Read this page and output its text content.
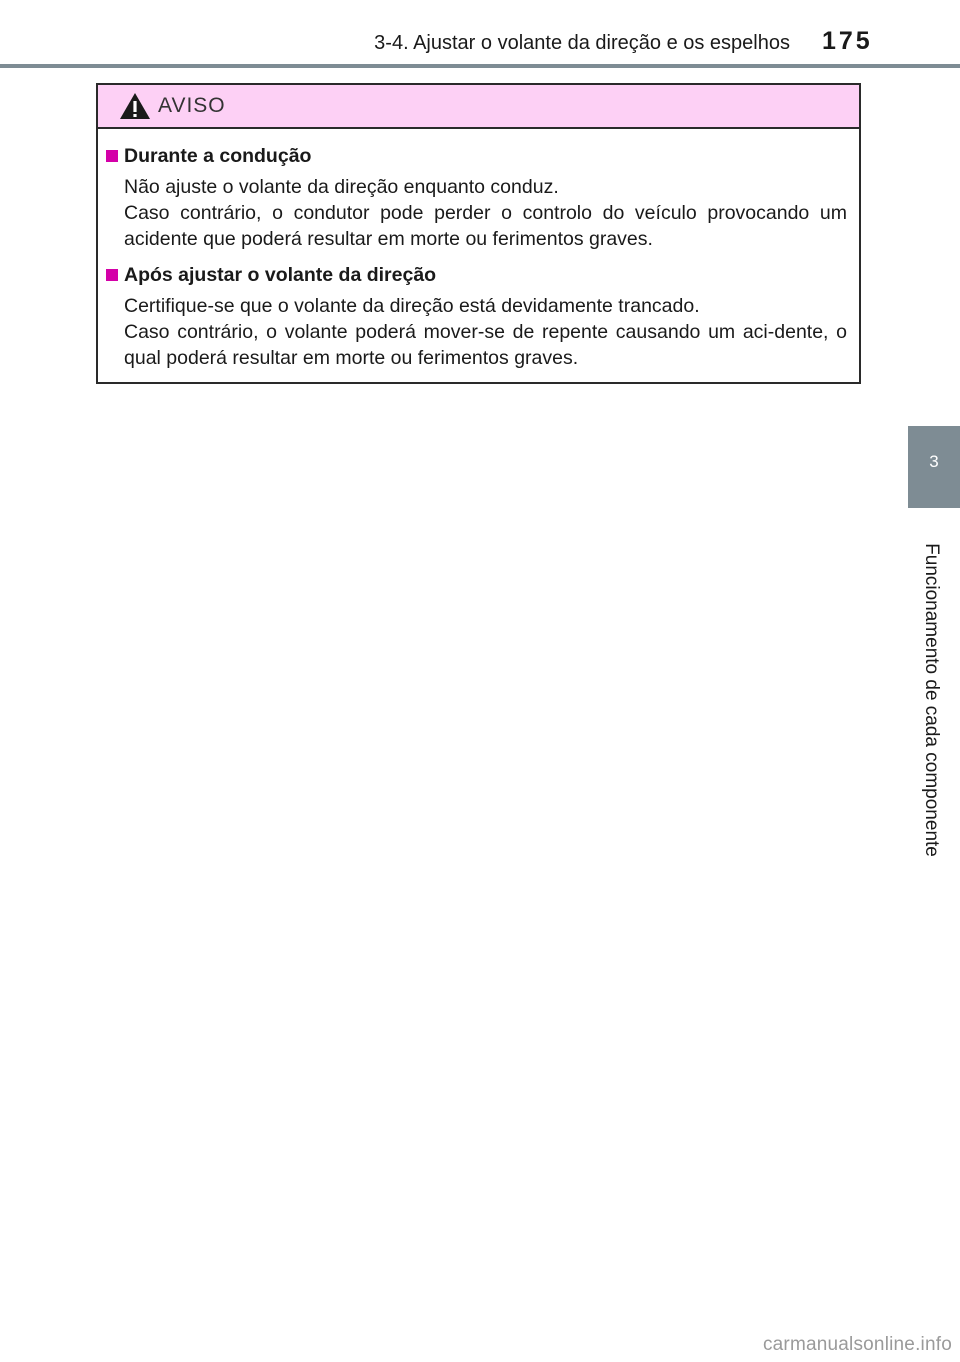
3-4. Ajustar o volante da direção e os espelhos 175
AVISO
Durante a condução

Não ajuste o volante da direção enquanto conduz.

Caso contrário, o condutor pode perder o controlo do veículo provocando um acidente que poderá resultar em morte ou ferimentos graves.

Após ajustar o volante da direção

Certifique-se que o volante da direção está devidamente trancado.

Caso contrário, o volante poderá mover-se de repente causando um aci-dente, o qual poderá resultar em morte ou ferimentos graves.

3
Funcionamento de cada componente
carmanualsonline.info
